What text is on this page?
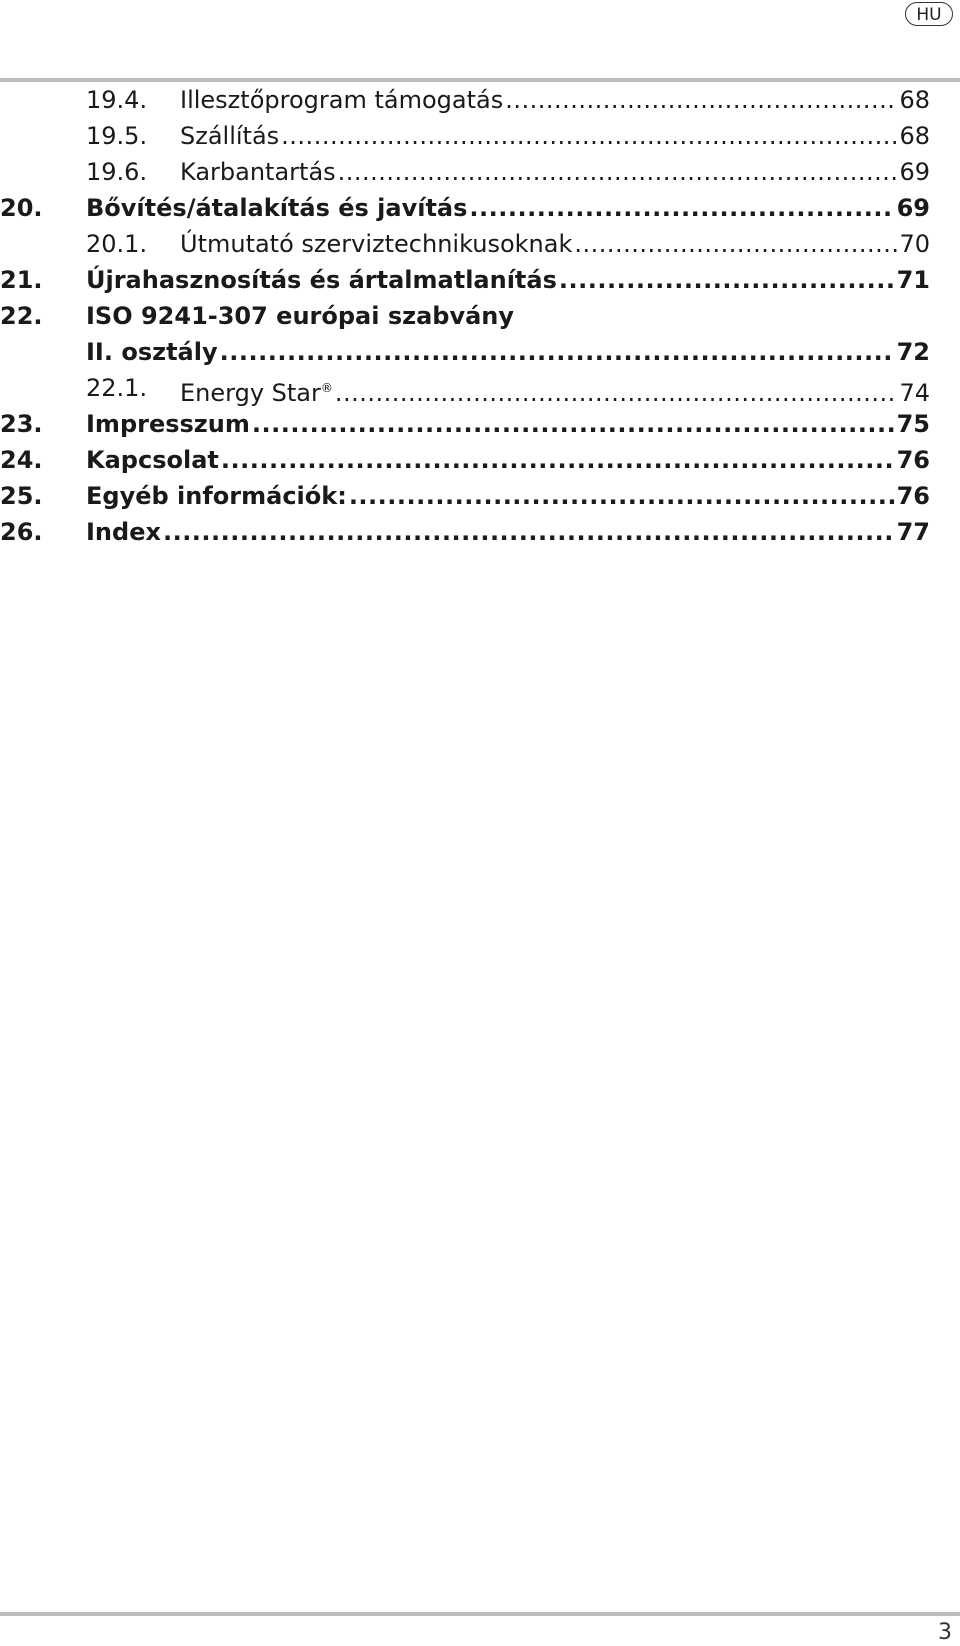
HU
19.4. Illesztőprogram támogatás .....	68
19.5. Szállítás .....	68
19.6. Karbantartás .....	69
20. Bővítés/átalakítás és javítás .....	69
20.1. Útmutató szerviztechnikusoknak .....	70
21. Újrahasznosítás és ártalmatlanítás .....	71
22. ISO 9241-307 európai szabvány
II. osztály .....	72
22.1. Energy Star® .....	74
23. Impresszum .....	75
24. Kapcsolat .....	76
25. Egyéb információk: .....	76
26. Index .....	77
3
